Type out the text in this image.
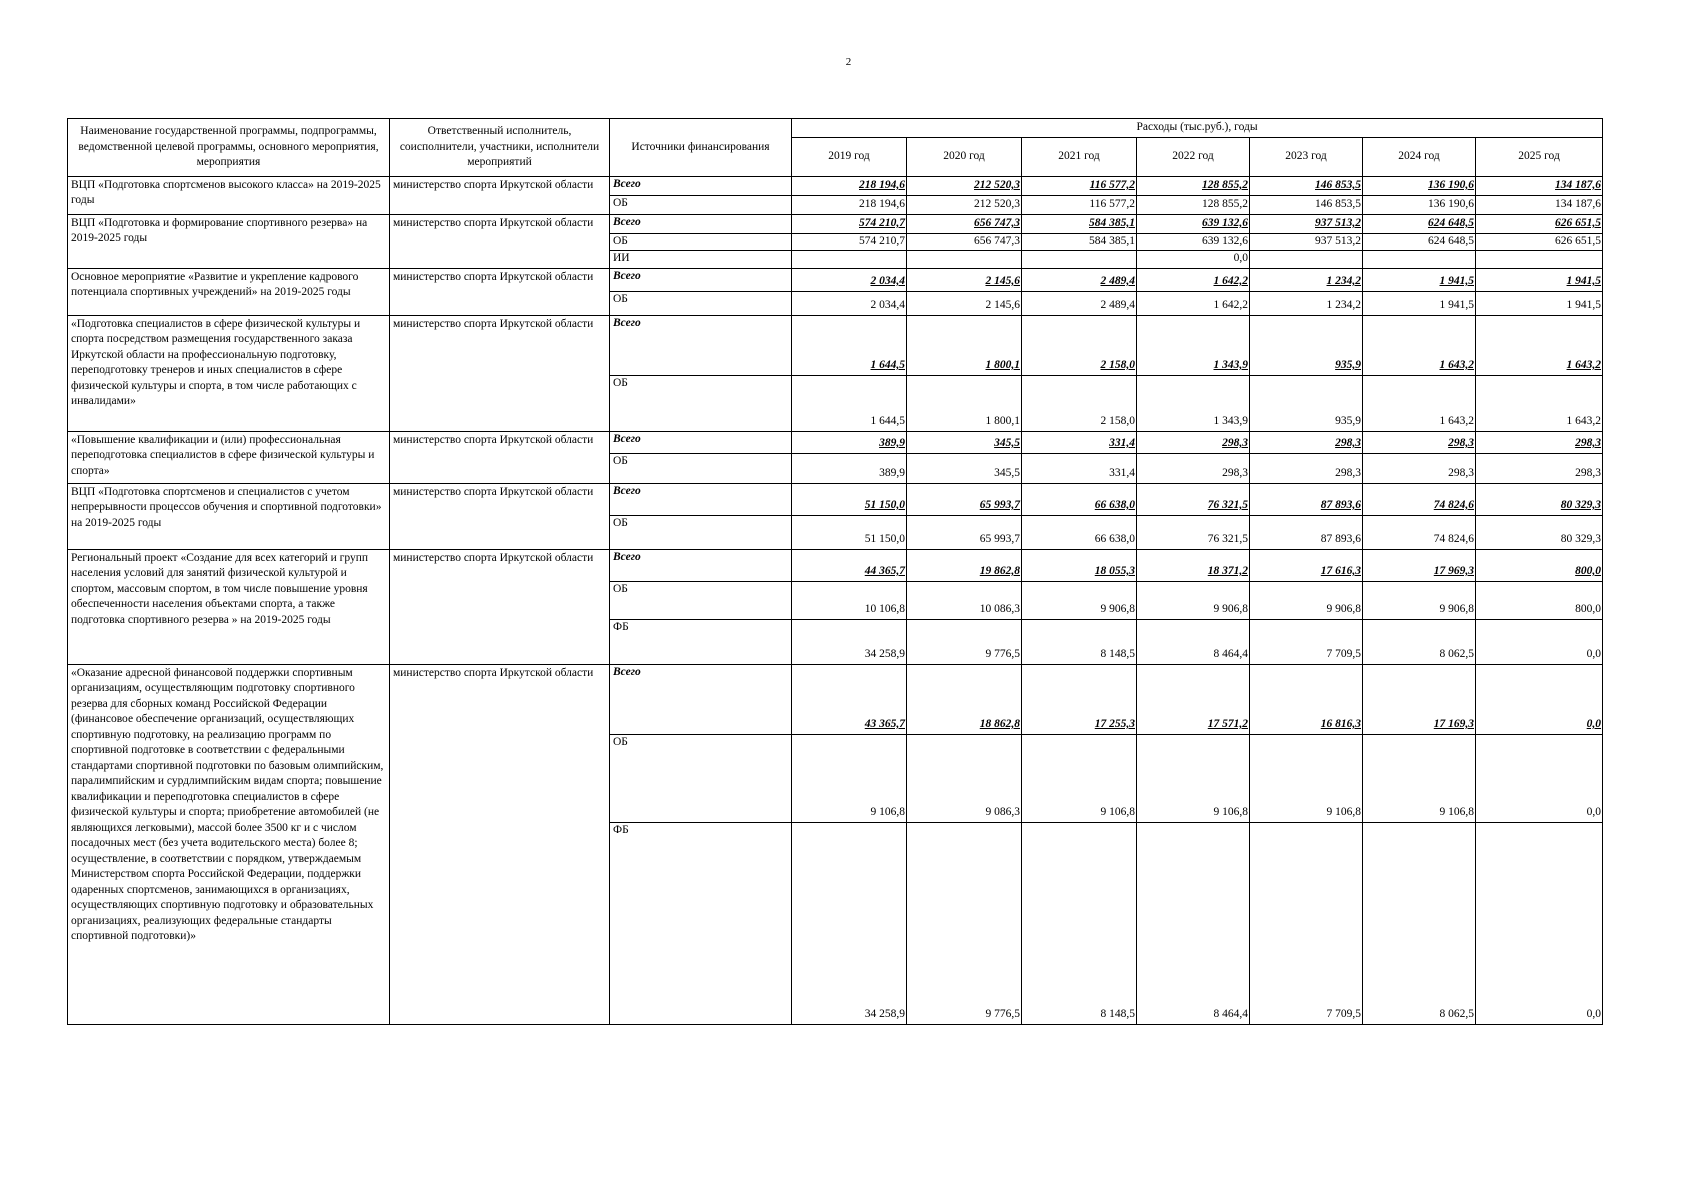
2
Наименование государственной программы, подпрограммы, ведомственной целевой программы, основного мероприятия, мероприятия	Ответственный исполнитель, соисполнители, участники, исполнители мероприятий	Источники финансирования	Расходы (тыс.руб.), годы						
			2019 год	2020 год	2021 год	2022 год	2023 год	2024 год	2025 год
ВЦП «Подготовка спортсменов высокого класса» на 2019-2025 годы	министерство спорта Иркутской области	Всего	218 194,6	212 520,3	116 577,2	128 855,2	146 853,5	136 190,6	134 187,6
		ОБ	218 194,6	212 520,3	116 577,2	128 855,2	146 853,5	136 190,6	134 187,6
ВЦП «Подготовка и формирование спортивного резерва» на 2019-2025 годы	министерство спорта Иркутской области	Всего	574 210,7	656 747,3	584 385,1	639 132,6	937 513,2	624 648,5	626 651,5
		ОБ	574 210,7	656 747,3	584 385,1	639 132,6	937 513,2	624 648,5	626 651,5
		ИИ				0,0			
Основное мероприятие «Развитие и укрепление кадрового потенциала спортивных учреждений» на 2019-2025 годы	министерство спорта Иркутской области	Всего	2 034,4	2 145,6	2 489,4	1 642,2	1 234,2	1 941,5	1 941,5
		ОБ	2 034,4	2 145,6	2 489,4	1 642,2	1 234,2	1 941,5	1 941,5
«Подготовка специалистов в сфере физической культуры и спорта посредством размещения государственного заказа Иркутской области на профессиональную подготовку, переподготовку тренеров и иных специалистов в сфере физической культуры и спорта, в том числе работающих с инвалидами»	министерство спорта Иркутской области	Всего	1 644,5	1 800,1	2 158,0	1 343,9	935,9	1 643,2	1 643,2
		ОБ	1 644,5	1 800,1	2 158,0	1 343,9	935,9	1 643,2	1 643,2
«Повышение квалификации и (или) профессиональная переподготовка специалистов в сфере физической культуры и спорта»	министерство спорта Иркутской области	Всего	389,9	345,5	331,4	298,3	298,3	298,3	298,3
		ОБ	389,9	345,5	331,4	298,3	298,3	298,3	298,3
ВЦП «Подготовка спортсменов и специалистов с учетом непрерывности процессов обучения и спортивной подготовки» на 2019-2025 годы	министерство спорта Иркутской области	Всего	51 150,0	65 993,7	66 638,0	76 321,5	87 893,6	74 824,6	80 329,3
		ОБ	51 150,0	65 993,7	66 638,0	76 321,5	87 893,6	74 824,6	80 329,3
Региональный проект «Создание для всех категорий и групп населения условий для занятий физической культурой и спортом, массовым спортом, в том числе повышение уровня обеспеченности населения объектами спорта, а также подготовка спортивного резерва » на 2019-2025 годы	министерство спорта Иркутской области	Всего	44 365,7	19 862,8	18 055,3	18 371,2	17 616,3	17 969,3	800,0
		ОБ	10 106,8	10 086,3	9 906,8	9 906,8	9 906,8	9 906,8	800,0
		ФБ	34 258,9	9 776,5	8 148,5	8 464,4	7 709,5	8 062,5	0,0
«Оказание адресной финансовой поддержки спортивным организациям, осуществляющим подготовку спортивного резерва для сборных команд Российской Федерации (финансовое обеспечение организаций, осуществляющих спортивную подготовку, на реализацию программ по спортивной подготовке в соответствии с федеральными стандартами спортивной подготовки по базовым олимпийским, паралимпийским и сурдлимпийским видам спорта; повышение квалификации и переподготовка специалистов в сфере физической культуры и спорта; приобретение автомобилей (не являющихся легковыми), массой более 3500 кг и с числом посадочных мест (без учета водительского места) более 8; осуществление, в соответствии с порядком, утверждаемым Министерством спорта Российской Федерации, поддержки одаренных спортсменов, занимающихся в организациях, осуществляющих спортивную подготовку и образовательных организациях, реализующих федеральные стандарты спортивной подготовки)»	министерство спорта Иркутской области	Всего	43 365,7	18 862,8	17 255,3	17 571,2	16 816,3	17 169,3	0,0
		ОБ	9 106,8	9 086,3	9 106,8	9 106,8	9 106,8	9 106,8	0,0
		ФБ	34 258,9	9 776,5	8 148,5	8 464,4	7 709,5	8 062,5	0,0
